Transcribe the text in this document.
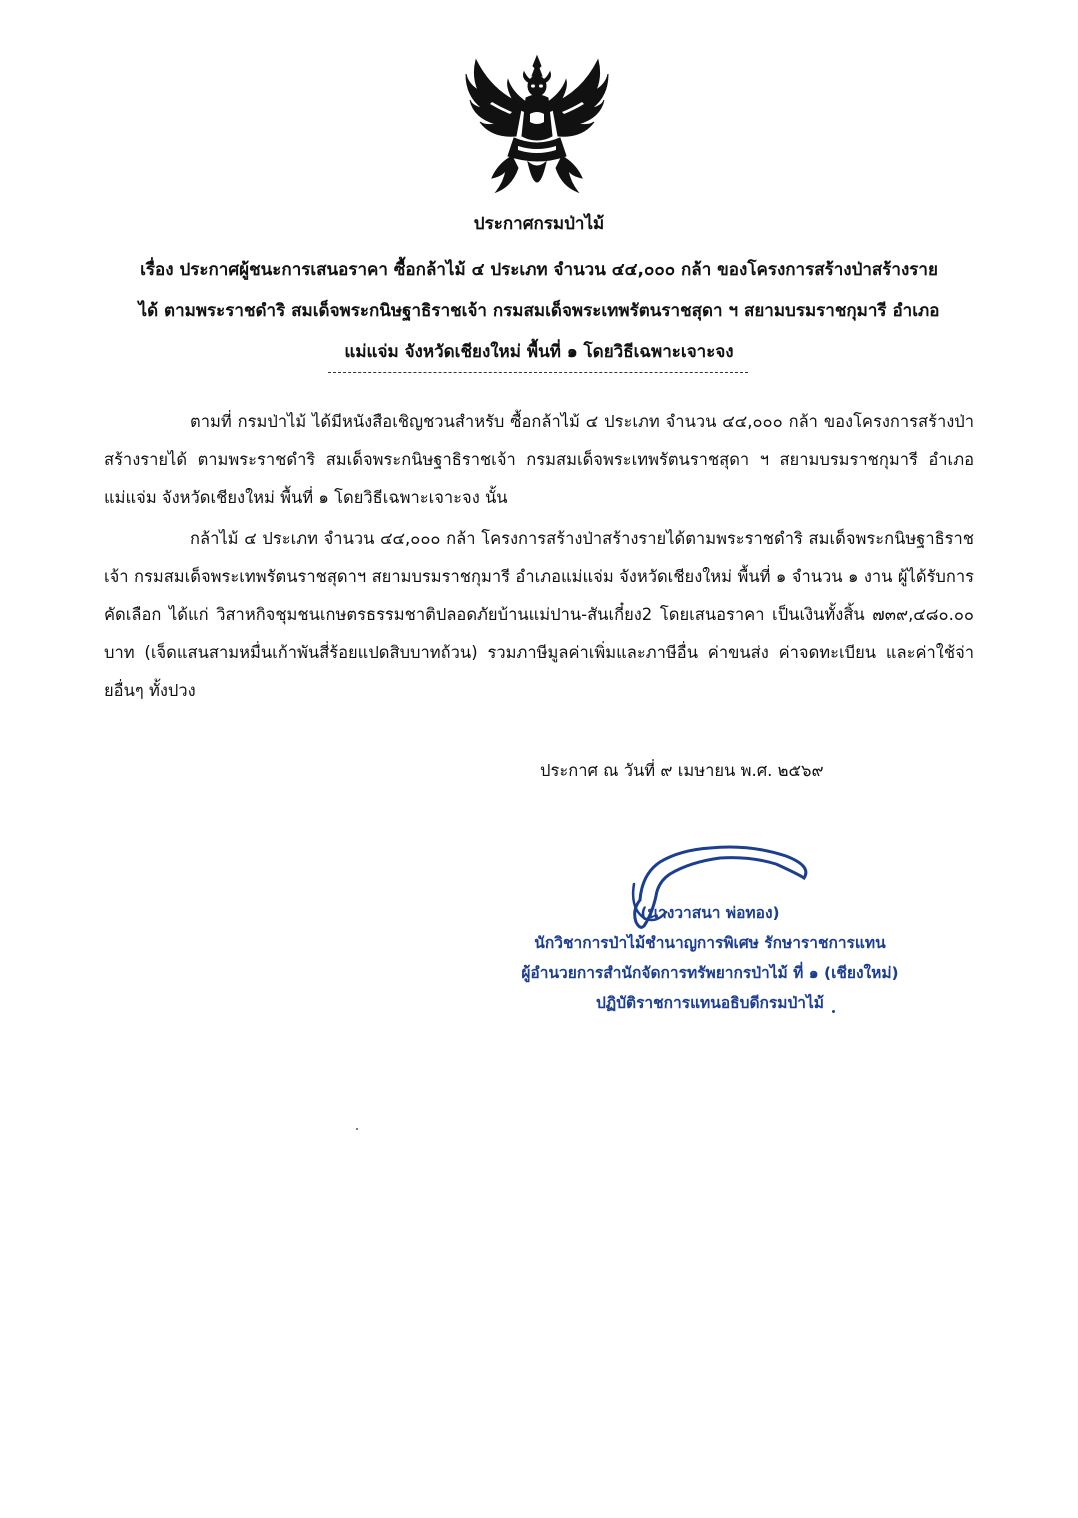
ประกาศกรมป่าไม้
เรื่อง ประกาศผู้ชนะการเสนอราคา ซื้อกล้าไม้ ๔ ประเภท จำนวน ๔๔,๐๐๐ กล้า ของโครงการสร้างป่าสร้างราย
ได้ ตามพระราชดำริ สมเด็จพระกนิษฐาธิราชเจ้า กรมสมเด็จพระเทพรัตนราชสุดา ฯ สยามบรมราชกุมารี อำเภอ
แม่แจ่ม จังหวัดเชียงใหม่ พื้นที่ ๑ โดยวิธีเฉพาะเจาะจง
ตามที่ กรมป่าไม้ ได้มีหนังสือเชิญชวนสำหรับ ซื้อกล้าไม้ ๔ ประเภท จำนวน ๔๔,๐๐๐ กล้า ของโครงการสร้างป่าสร้างรายได้ ตามพระราชดำริ สมเด็จพระกนิษฐาธิราชเจ้า กรมสมเด็จพระเทพรัตนราชสุดา ฯ สยามบรมราชกุมารี อำเภอแม่แจ่ม จังหวัดเชียงใหม่ พื้นที่ ๑ โดยวิธีเฉพาะเจาะจง นั้น
กล้าไม้ ๔ ประเภท จำนวน ๔๔,๐๐๐ กล้า โครงการสร้างป่าสร้างรายได้ตามพระราชดำริ สมเด็จพระกนิษฐาธิราชเจ้า กรมสมเด็จพระเทพรัตนราชสุดาฯ สยามบรมราชกุมารี อำเภอแม่แจ่ม จังหวัดเชียงใหม่ พื้นที่ ๑ จำนวน ๑ งาน ผู้ได้รับการคัดเลือก ได้แก่ วิสาหกิจชุมชนเกษตรธรรมชาติปลอดภัยบ้านแม่ปาน-สันเกี๋ยง2 โดยเสนอราคา เป็นเงินทั้งสิ้น ๗๓๙,๔๘๐.๐๐ บาท (เจ็ดแสนสามหมื่นเก้าพันสี่ร้อยแปดสิบบาทถ้วน) รวมภาษีมูลค่าเพิ่มและภาษีอื่น ค่าขนส่ง ค่าจดทะเบียน และค่าใช้จ่ายอื่นๆ ทั้งปวง
ประกาศ ณ วันที่ ๙ เมษายน พ.ศ. ๒๕๖๙
(นางวาสนา พ่อทอง)
นักวิชาการป่าไม้ชำนาญการพิเศษ รักษาราชการแทน
ผู้อำนวยการสำนักจัดการทรัพยากรป่าไม้ ที่ ๑ (เชียงใหม่)
ปฏิบัติราชการแทนอธิบดีกรมป่าไม้
